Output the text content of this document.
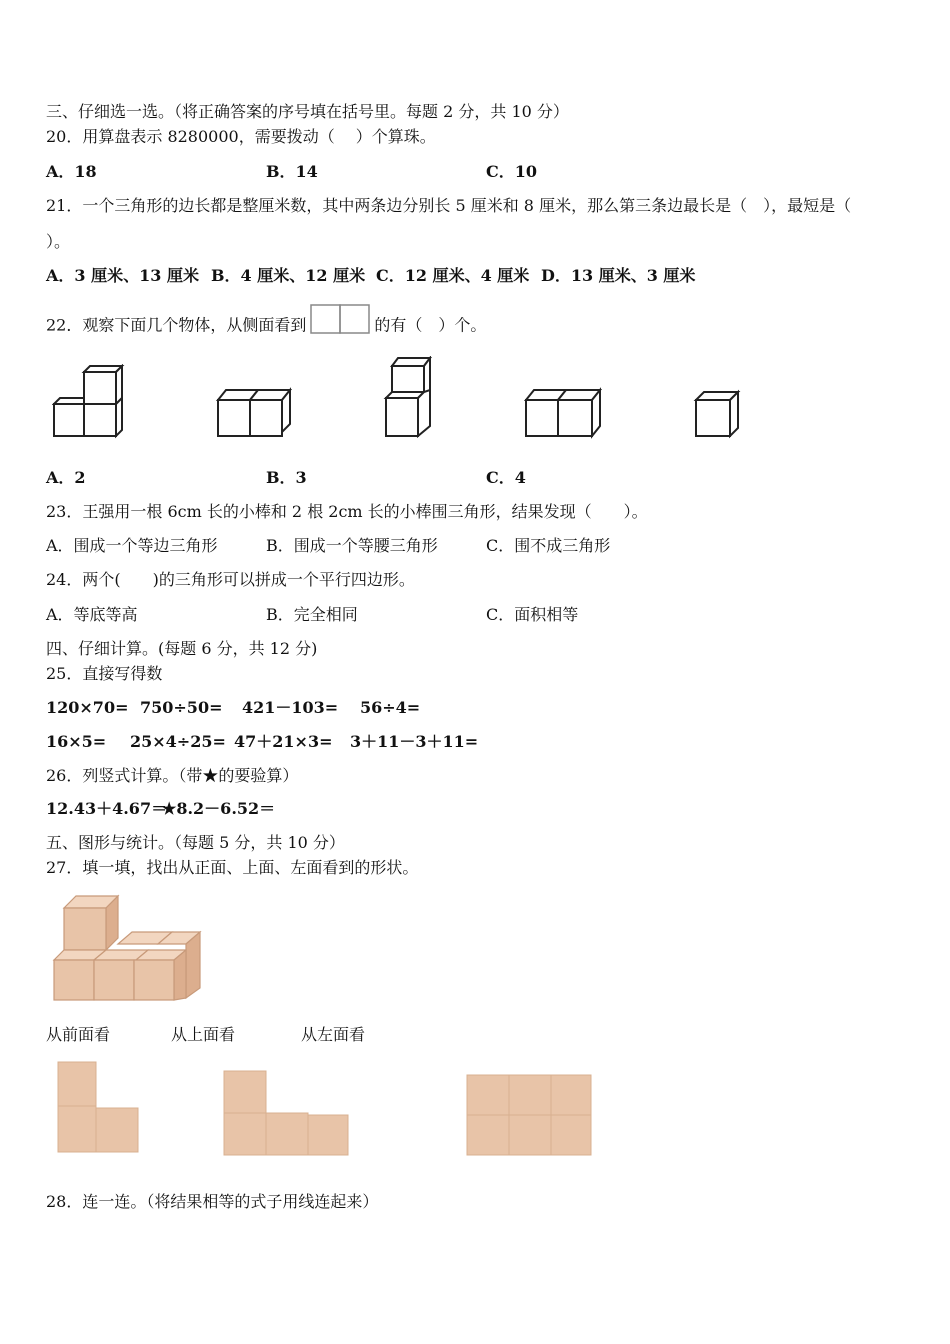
三、仔细选一选。（将正确答案的序号填在括号里。每题 2 分，共 10 分）
20．用算盘表示 8280000，需要拨动（　 ）个算珠。
A．18	B．14	C．10
21．一个三角形的边长都是整厘米数，其中两条边分别长 5 厘米和 8 厘米，那么第三条边最长是（　），最短是（
）。
A．3 厘米、13 厘米 B．4 厘米、12 厘米 C．12 厘米、4 厘米 D．13 厘米、3 厘米
22．观察下面几个物体，从侧面看到	的有（　）个。
A．2	B．3	C．4
23．王强用一根 6cm 长的小棒和 2 根 2cm 长的小棒围三角形，结果发现（　　）。
A．围成一个等边三角形	B．围成一个等腰三角形	C．围不成三角形
24．两个(　　)的三角形可以拼成一个平行四边形。
A．等底等高	B．完全相同	C．面积相等
四、仔细计算。(每题 6 分，共 12 分)
25．直接写得数
120×70= 750÷50= 421－103= 56÷4=
16×5= 25×4÷25= 47＋21×3= 3＋11－3＋11=
26．列竖式计算。（带★的要验算）
12.43＋4.67＝
★8.2－6.52＝
五、图形与统计。（每题 5 分，共 10 分）
27．填一填，找出从正面、上面、左面看到的形状。
从前面看	从上面看	从左面看
28．连一连。（将结果相等的式子用线连起来）
